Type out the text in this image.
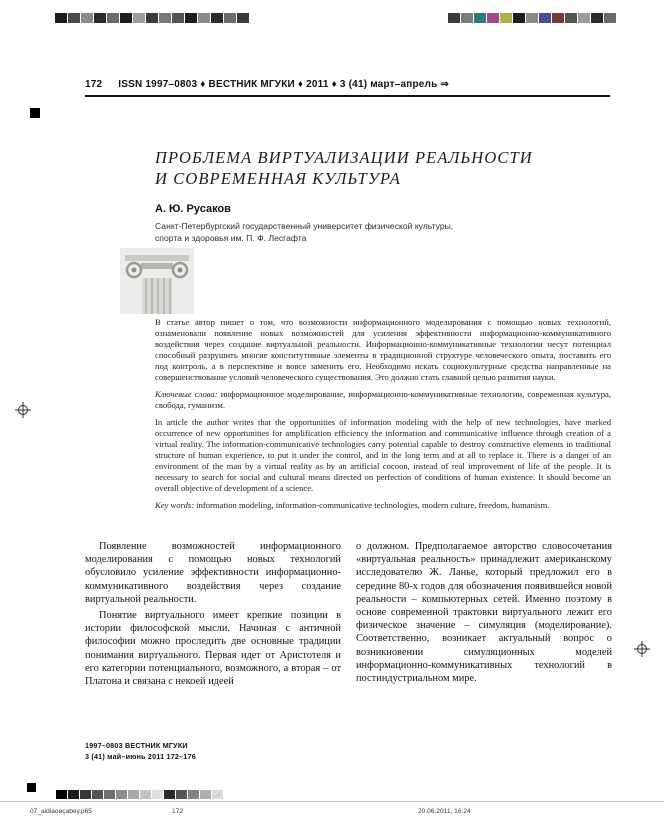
172 ISSN 1997–0803 ♦ ВЕСТНИК МГУКИ ♦ 2011 ♦ 3 (41) март–апрель ⇒
ПРОБЛЕМА ВИРТУАЛИЗАЦИИ РЕАЛЬНОСТИ
И СОВРЕМЕННАЯ КУЛЬТУРА
А. Ю. Русаков
Санкт-Петербургский государственный университет физической культуры,
спорта и здоровья им. П. Ф. Лесгафта

В статье автор пишет о том, что возможности информационного моделирования с помощью новых технологий, ознаменовали появление новых возможностей для усиления эффективности информационно-коммуникативного воздействия через создание виртуальной реальности. Информационно-коммуникативные технологии несут потенциал способный разрушить многие конститутивные элементы в традиционной структуре человеческого опыта, поставить его под контроль, а в перспективе и вовсе заменить его. Необходимо искать социокультурные средства направленные на совершенствование условий человеческого существования. Это должно стать главной целью развития науки.

Ключевые слова: информационное моделирование, информационно-коммуникативные технологии, современная культура, свобода, гуманизм.

In article the author writes that the opportunities of information modeling with the help of new technologies, have marked occurrence of new opportunities for amplification efficiency the information and communicative influence through creation of a virtual reality. The information-communicative technologies carry potential capable to destroy constructive elements in traditional structure of human experience, to put it under the control, and in the long term and at all to replace it. There is a danger of an environment of the man by a virtual reality as by an artificial cocoon, instead of real improvement of life of the people. It is necessary to search for social and cultural means directed on perfection of conditions of human existence. It should become an overall objective of development of a science.

Key words: information modeling, information-communicative technologies, modern culture, freedom, humanism.

Появление возможностей информационного моделирования с помощью новых технологий обусловило усиление эффективности информационно-коммуникативного воздействия через создание виртуальной реальности.

Понятие виртуального имеет крепкие позиции в истории философской мысли. Начиная с античной философии можно проследить две основные традиции понимания виртуального. Первая идет от Аристотеля и его категории потенциального, возможного, а вторая – от Платона и связана с некоей идеей

о должном. Предполагаемое авторство словосочетания «виртуальная реальность» принадлежит американскому исследователю Ж. Ланье, который предложил его в середине 80-х годов для обозначения появившейся новой реальности – компьютерных сетей. Именно поэтому в основе современной трактовки виртуального лежит его физическое значение – симуляция (моделирование). Соответственно, возникает актуальный вопрос о возникновении симуляционных моделей информационно-коммуникативных технологий в постиндустриальном мире.

1997–0803 ВЕСТНИК МГУКИ
3 (41) май–июнь 2011 172–176
07_аіdіаоеçаbеу.p65	172	20.06.2011, 16:24
